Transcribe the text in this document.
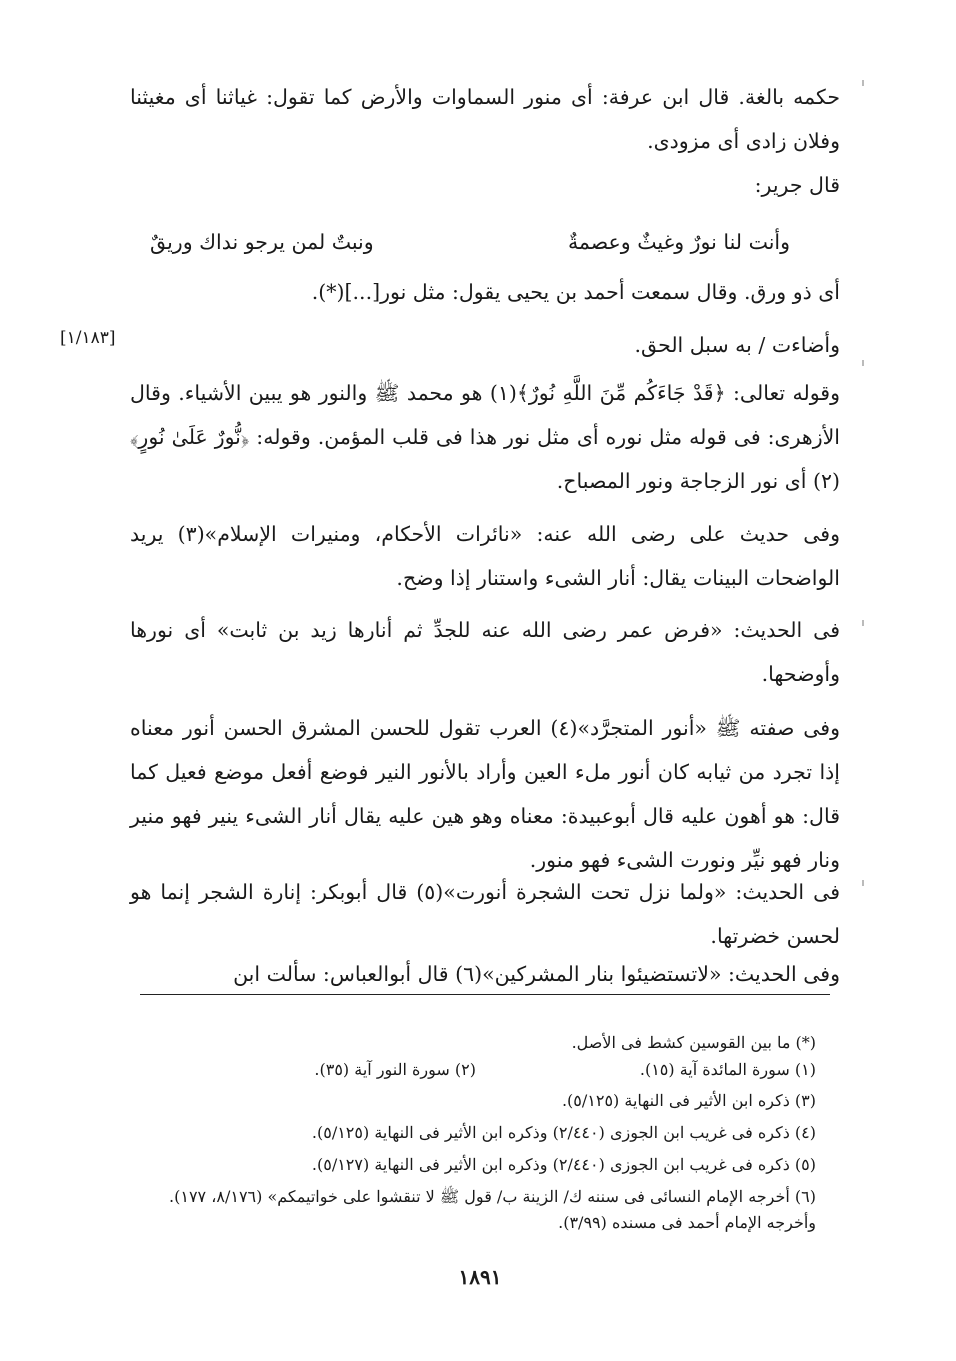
حكمه بالغة. قال ابن عرفة: أى منور السماوات والأرض كما تقول: غياثنا أى مغيثنا وفلان زادى أى مزودى.

قال جرير:

وأنت لنا نورٌ وغيثٌ وعصمةٌ
ونبتٌ لمن يرجو نداك وريقٌ

أى ذو ورق. وقال سمعت أحمد بن يحيى يقول: مثل نور[...](*).

وأضاءت / به سبل الحق.

[١/١٨٣]

وقوله تعالى: ﴿قَدْ جَاءَكُم مِّنَ اللَّهِ نُورٌ﴾(١) هو محمد ﷺ والنور هو يبين الأشياء. وقال الأزهرى: فى قوله مثل نوره أى مثل نور هذا فى قلب المؤمن. وقوله: ﴿نُّورٌ عَلَىٰ نُورٍ﴾(٢) أى نور الزجاجة ونور المصباح.

وفى حديث على رضى الله عنه: «نائرات الأحكام، ومنيرات الإسلام»(٣) يريد الواضحات البينات يقال: أنار الشىء واستنار إذا وضح.

فى الحديث: «فرض عمر رضى الله عنه للجدِّ ثم أنارها زيد بن ثابت» أى نورها وأوضحها.

وفى صفته ﷺ «أنور المتجرَّد»(٤) العرب تقول للحسن المشرق الحسن أنور معناه إذا تجرد من ثيابه كان أنور ملء العين وأراد بالأنور النير فوضع أفعل موضع فعيل كما قال: هو أهون عليه قال أبوعبيدة: معناه وهو هين عليه يقال أنار الشىء ينير فهو منير ونار فهو نيِّر ونورت الشىء فهو منور.

فى الحديث: «ولما نزل تحت الشجرة أنورت»(٥) قال أبوبكر: إنارة الشجر إنما هو لحسن خضرتها.

وفى الحديث: «لاتستضيئوا بنار المشركين»(٦) قال أبوالعباس: سألت ابن

(*) ما بين القوسين كشط فى الأصل.

(١) سورة المائدة آية (١٥).
(٢) سورة النور آية (٣٥).

(٣) ذكره ابن الأثير فى النهاية (٥/١٢٥).

(٤) ذكره فى غريب ابن الجوزى (٢/٤٤٠) وذكره ابن الأثير فى النهاية (٥/١٢٥).

(٥) ذكره فى غريب ابن الجوزى (٢/٤٤٠) وذكره ابن الأثير فى النهاية (٥/١٢٧).

(٦) أخرجه الإمام النسائى فى سننه ك/ الزينة ب/ قول ﷺ لا تنقشوا على خواتيمكم» (٨/١٧٦، ١٧٧). وأخرجه الإمام أحمد فى مسنده (٣/٩٩).

١٨٩١
